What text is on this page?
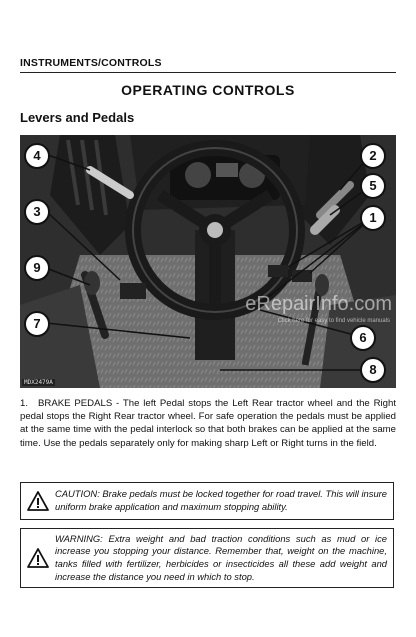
INSTRUMENTS/CONTROLS
OPERATING CONTROLS
Levers and Pedals
eRepairInfo.com
Click here for easy to find vehicle manuals
MDX2479A
4	2
5
3	1
9
7
6
8
1. BRAKE PEDALS - The left Pedal stops the Left Rear tractor wheel and the Right pedal stops the Right Rear tractor wheel. For safe operation the pedals must be applied at the same time with the pedal interlock so that both brakes can be applied at the same time. Use the pedals separately only for making sharp Left or Right turns in the field.
CAUTION: Brake pedals must be locked together for road travel. This will insure uniform brake application and maximum stopping ability.
WARNING: Extra weight and bad traction conditions such as mud or ice increase you stopping your distance. Remember that, weight on the machine, tanks filled with fertilizer, herbicides or insecticides all these add weight and increase the distance you need in which to stop.
